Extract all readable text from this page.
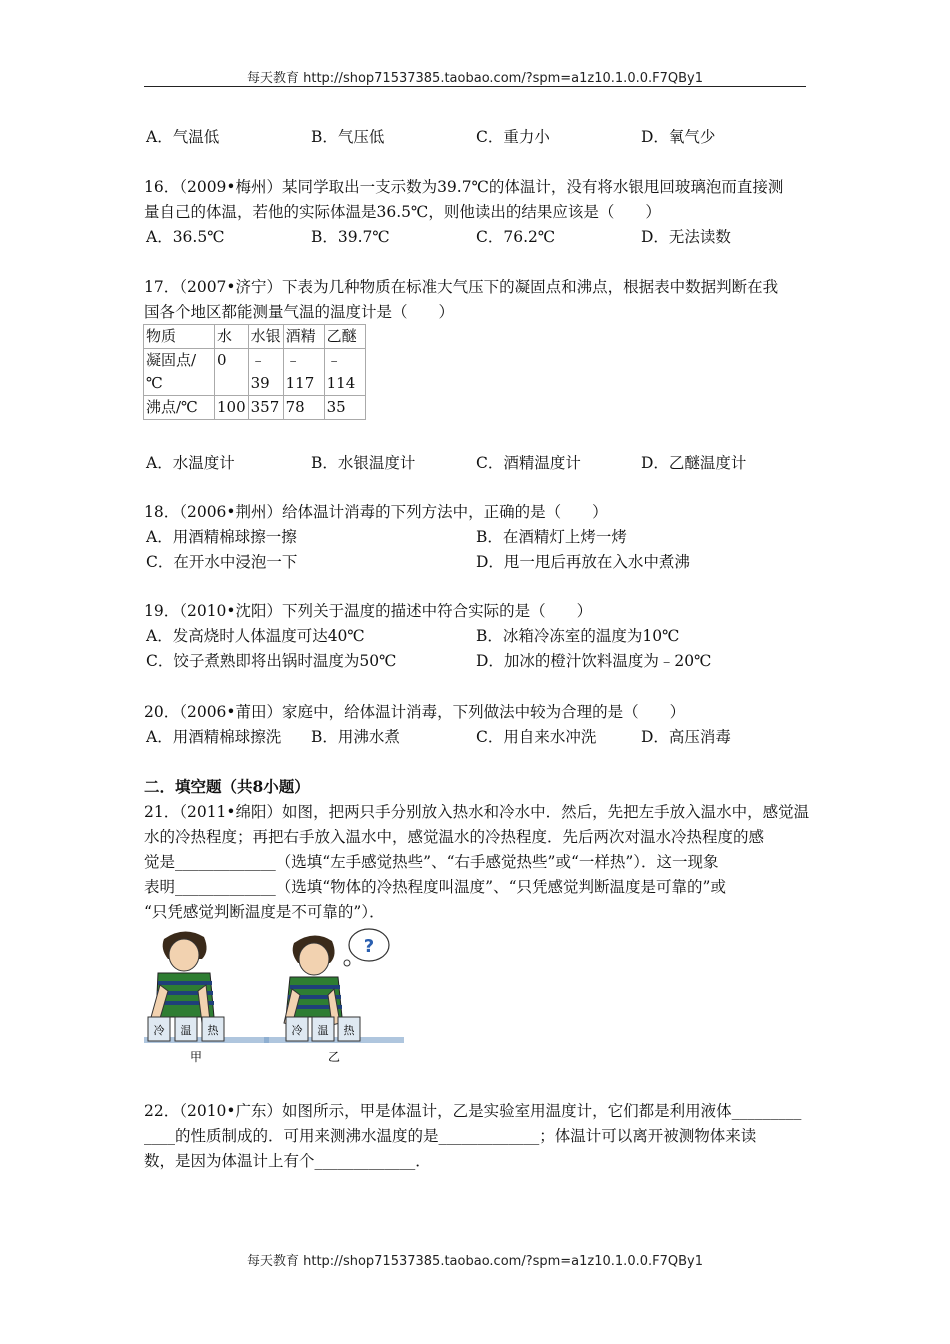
每天教育 http://shop71537385.taobao.com/?spm=a1z10.1.0.0.F7QBy1
A．气温低	B．气压低	C．重力小	D．氧气少
16．（2009•梅州）某同学取出一支示数为39.7℃的体温计，没有将水银甩回玻璃泡而直接测
量自己的体温，若他的实际体温是36.5℃，则他读出的结果应该是（　　）
A．36.5℃	B．39.7℃	C．76.2℃	D．无法读数
17．（2007•济宁）下表为几种物质在标准大气压下的凝固点和沸点，根据表中数据判断在我
国各个地区都能测量气温的温度计是（　　）
物质	水	水银	酒精	乙醚
凝固点/
℃	0	﹣39	﹣117	﹣114
沸点/℃	100	357	78	35
A．水温度计	B．水银温度计	C．酒精温度计	D．乙醚温度计
18．（2006•荆州）给体温计消毒的下列方法中，正确的是（　　）
A．用酒精棉球擦一擦	B．在酒精灯上烤一烤
C．在开水中浸泡一下	D．甩一甩后再放在入水中煮沸
19．（2010•沈阳）下列关于温度的描述中符合实际的是（　　）
A．发高烧时人体温度可达40℃	B．冰箱冷冻室的温度为10℃
C．饺子煮熟即将出锅时温度为50℃	D．加冰的橙汁饮料温度为﹣20℃
20．（2006•莆田）家庭中，给体温计消毒，下列做法中较为合理的是（　　）
A．用酒精棉球擦洗 B．用沸水煮	C．用自来水冲洗	D．高压消毒
二．填空题（共8小题）
21．（2011•绵阳）如图，把两只手分别放入热水和冷水中．然后，先把左手放入温水中，感觉温
水的冷热程度；再把右手放入温水中，感觉温水的冷热程度．先后两次对温水冷热程度的感
觉是_____________（选填“左手感觉热些”、“右手感觉热些”或“一样热”）．这一现象
表明_____________（选填“物体的冷热程度叫温度”、“只凭感觉判断温度是可靠的”或
“只凭感觉判断温度是不可靠的”）．
冷 温 热
甲
?
冷 温 热
乙
22．（2010•广东）如图所示，甲是体温计，乙是实验室用温度计，它们都是利用液体_________
____的性质制成的．可用来测沸水温度的是_____________；体温计可以离开被测物体来读
数，是因为体温计上有个_____________．
每天教育 http://shop71537385.taobao.com/?spm=a1z10.1.0.0.F7QBy1
